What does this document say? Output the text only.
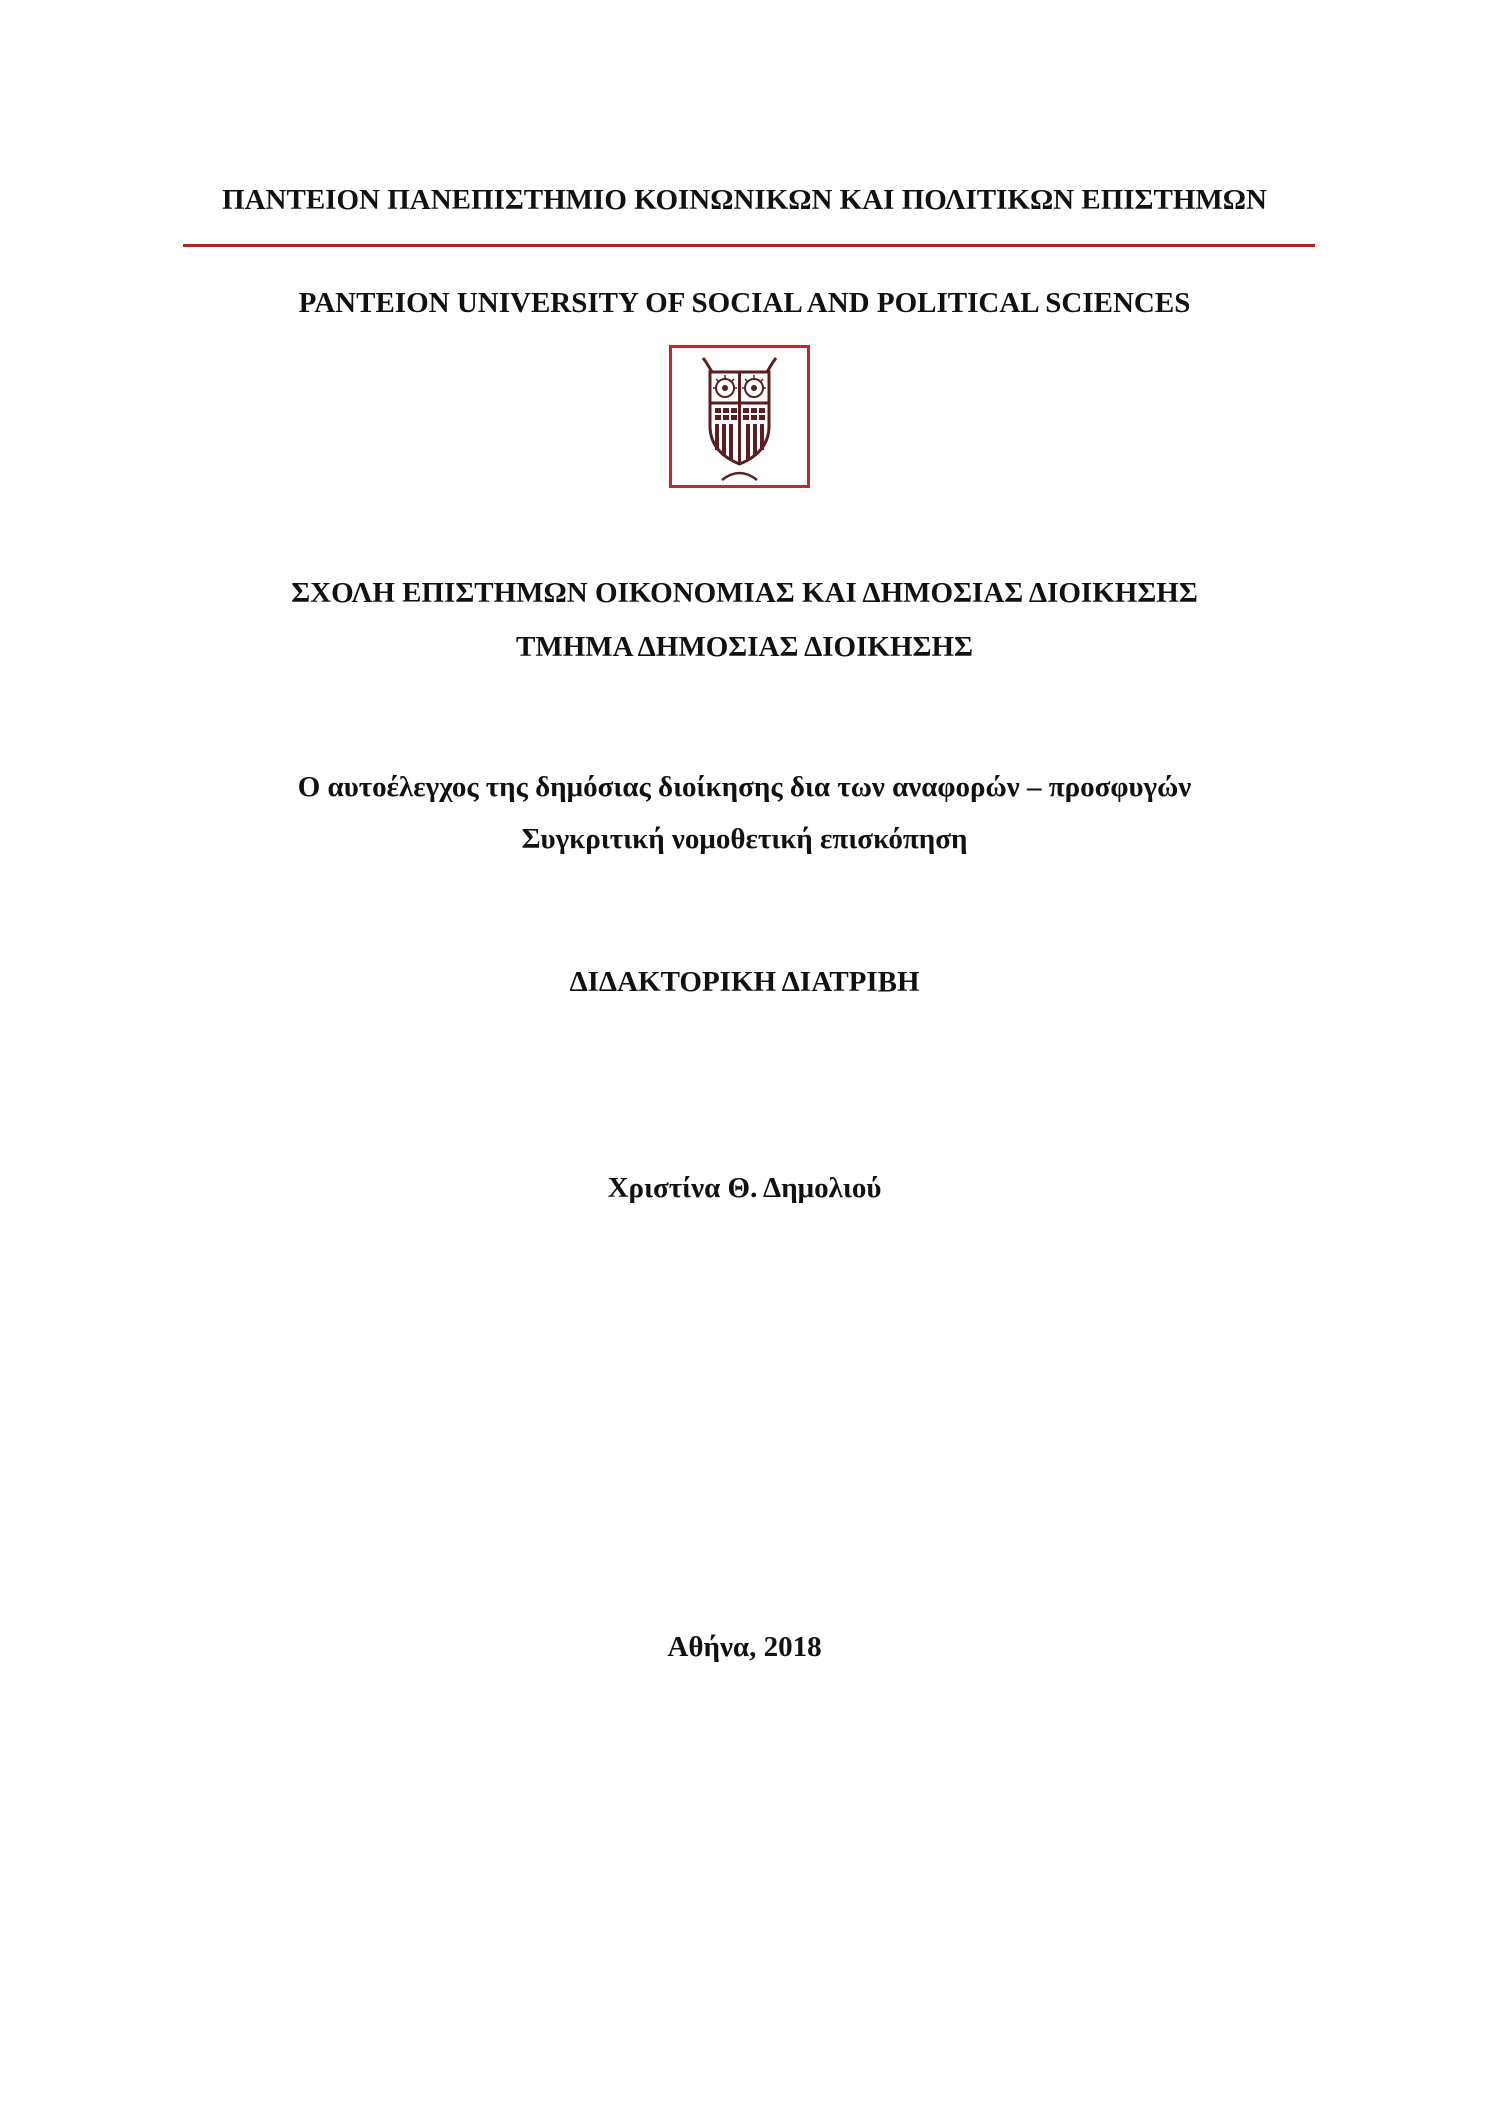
ΠΑΝΤΕΙΟΝ ΠΑΝΕΠΙΣΤΗΜΙΟ ΚΟΙΝΩΝΙΚΩΝ ΚΑΙ ΠΟΛΙΤΙΚΩΝ ΕΠΙΣΤΗΜΩΝ
PANTEION UNIVERSITY OF SOCIAL AND POLITICAL SCIENCES
ΣΧΟΛΗ ΕΠΙΣΤΗΜΩΝ ΟΙΚΟΝΟΜΙΑΣ ΚΑΙ ΔΗΜΟΣΙΑΣ ΔΙΟΙΚΗΣΗΣ
ΤΜΗΜΑ ΔΗΜΟΣΙΑΣ ΔΙΟΙΚΗΣΗΣ
Ο αυτοέλεγχος της δημόσιας διοίκησης δια των αναφορών – προσφυγών
Συγκριτική νομοθετική επισκόπηση
ΔΙΔΑΚΤΟΡΙΚΗ ΔΙΑΤΡΙΒΗ
Χριστίνα Θ. Δημολιού
Αθήνα, 2018
